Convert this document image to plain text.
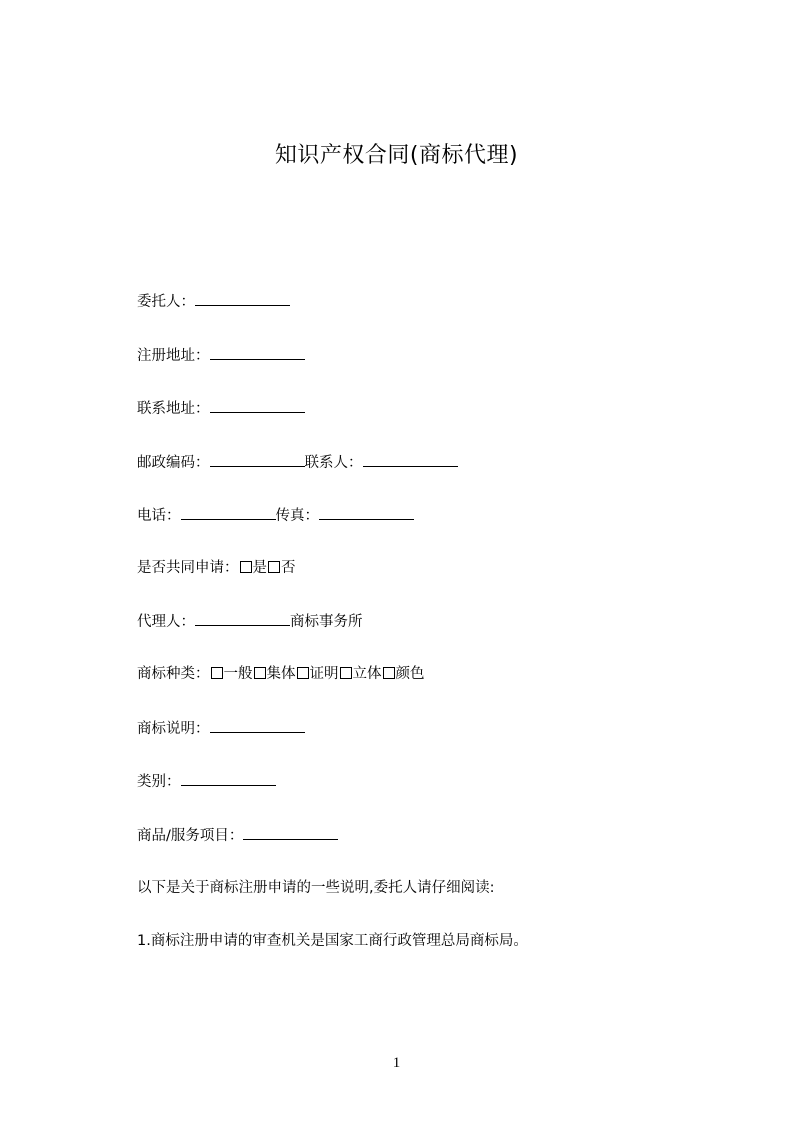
知识产权合同(商标代理)
委托人：
注册地址：
联系地址：
邮政编码：	联系人：
电话：	传真：
是否共同申请： 是 否
代理人：	商标事务所
商标种类： 一般 集体 证明 立体 颜色
商标说明：
类别：
商品/服务项目：
以下是关于商标注册申请的一些说明,委托人请仔细阅读:
1.商标注册申请的审查机关是国家工商行政管理总局商标局。
1
